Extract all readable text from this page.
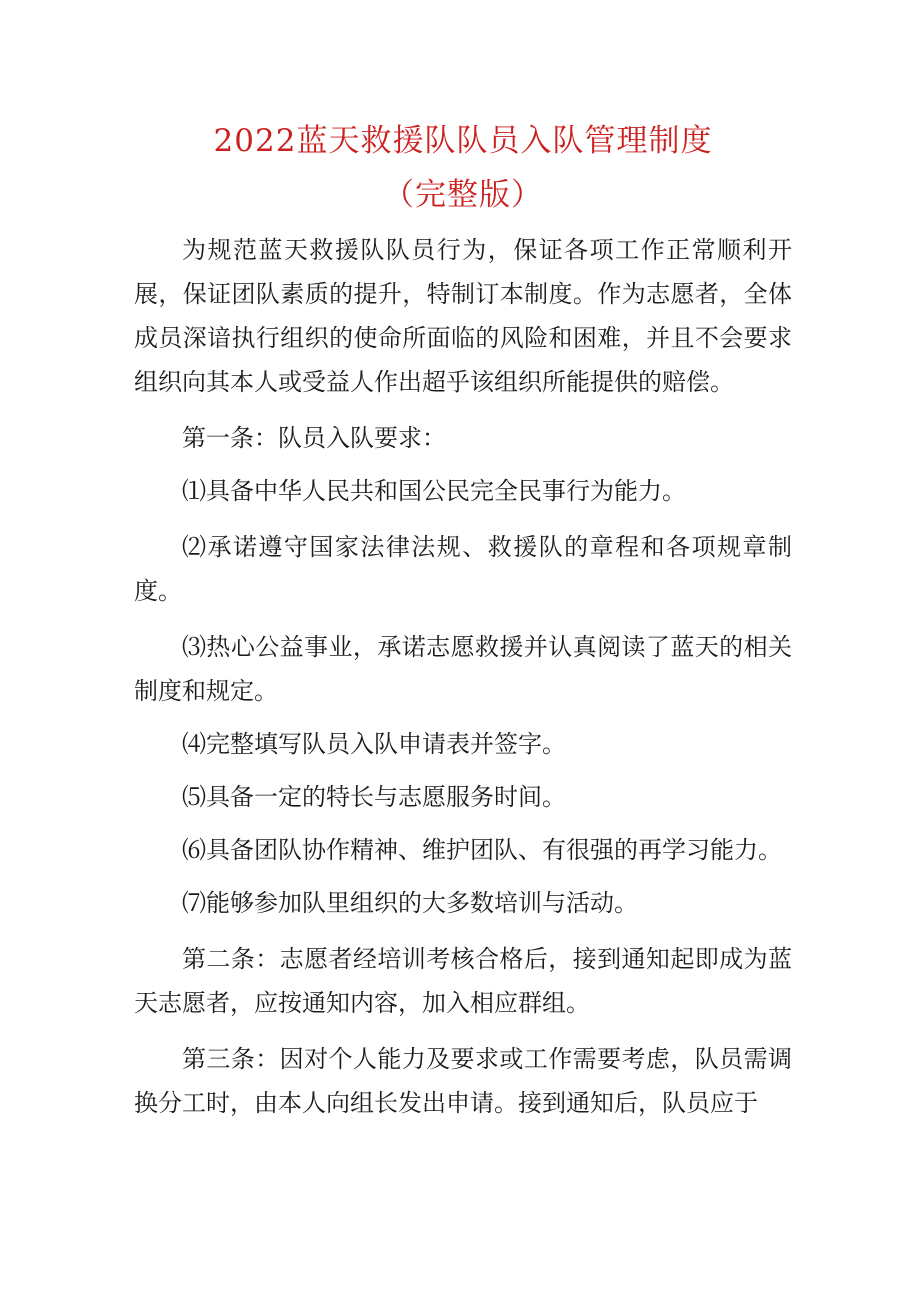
2022蓝天救援队队员入队管理制度
（完整版）

为规范蓝天救援队队员行为，保证各项工作正常顺利开展，保证团队素质的提升，特制订本制度。作为志愿者，全体成员深谙执行组织的使命所面临的风险和困难，并且不会要求组织向其本人或受益人作出超乎该组织所能提供的赔偿。

第一条：队员入队要求：

⑴具备中华人民共和国公民完全民事行为能力。

⑵承诺遵守国家法律法规、救援队的章程和各项规章制度。

⑶热心公益事业，承诺志愿救援并认真阅读了蓝天的相关制度和规定。

⑷完整填写队员入队申请表并签字。

⑸具备一定的特长与志愿服务时间。

⑹具备团队协作精神、维护团队、有很强的再学习能力。

⑺能够参加队里组织的大多数培训与活动。

第二条：志愿者经培训考核合格后，接到通知起即成为蓝天志愿者，应按通知内容，加入相应群组。

第三条：因对个人能力及要求或工作需要考虑，队员需调换分工时，由本人向组长发出申请。接到通知后，队员应于
